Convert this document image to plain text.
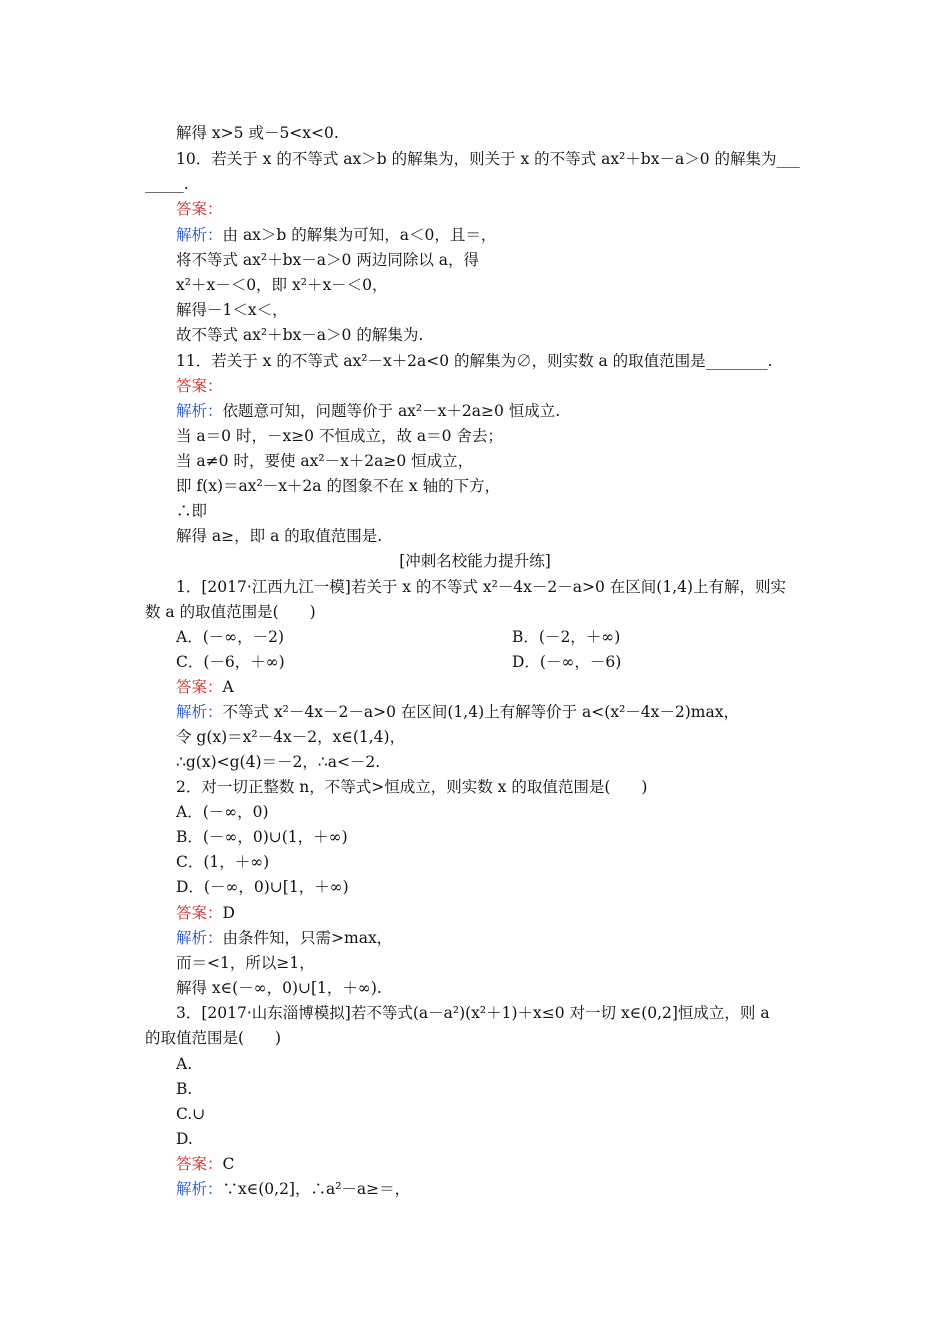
解得 x>5 或－5<x<0.
10．若关于 x 的不等式 ax＞b 的解集为，则关于 x 的不等式 ax²＋bx－a＞0 的解集为___
_____.
答案：
解析：由 ax＞b 的解集为可知，a＜0，且＝，
将不等式 ax²＋bx－a＞0 两边同除以 a，得
x²＋x－＜0，即 x²＋x－＜0，
解得－1＜x＜，
故不等式 ax²＋bx－a＞0 的解集为.
11．若关于 x 的不等式 ax²－x＋2a<0 的解集为∅，则实数 a 的取值范围是________.
答案：
解析：依题意可知，问题等价于 ax²－x＋2a≥0 恒成立.
当 a＝0 时，－x≥0 不恒成立，故 a＝0 舍去；
当 a≠0 时，要使 ax²－x＋2a≥0 恒成立，
即 f(x)＝ax²－x＋2a 的图象不在 x 轴的下方，
∴即
解得 a≥，即 a 的取值范围是.
[冲刺名校能力提升练]
1．[2017·江西九江一模]若关于 x 的不等式 x²－4x－2－a>0 在区间(1,4)上有解，则实
数 a 的取值范围是(　　)
A．(－∞，－2)	B．(－2，＋∞)
C．(－6，＋∞)	D．(－∞，－6)
答案：A
解析：不等式 x²－4x－2－a>0 在区间(1,4)上有解等价于 a<(x²－4x－2)max，
令 g(x)＝x²－4x－2，x∈(1,4)，
∴g(x)<g(4)＝－2，∴a<－2.
2．对一切正整数 n，不等式>恒成立，则实数 x 的取值范围是(　　)
A．(－∞，0)
B．(－∞，0)∪(1，＋∞)
C．(1，＋∞)
D．(－∞，0)∪[1，＋∞)
答案：D
解析：由条件知，只需>max，
而＝<1，所以≥1，
解得 x∈(－∞，0)∪[1，＋∞).
3．[2017·山东淄博模拟]若不等式(a－a²)(x²＋1)＋x≤0 对一切 x∈(0,2]恒成立，则 a
的取值范围是(　　)
A.
B.
C.∪
D.
答案：C
解析：∵x∈(0,2]，∴a²－a≥＝，
